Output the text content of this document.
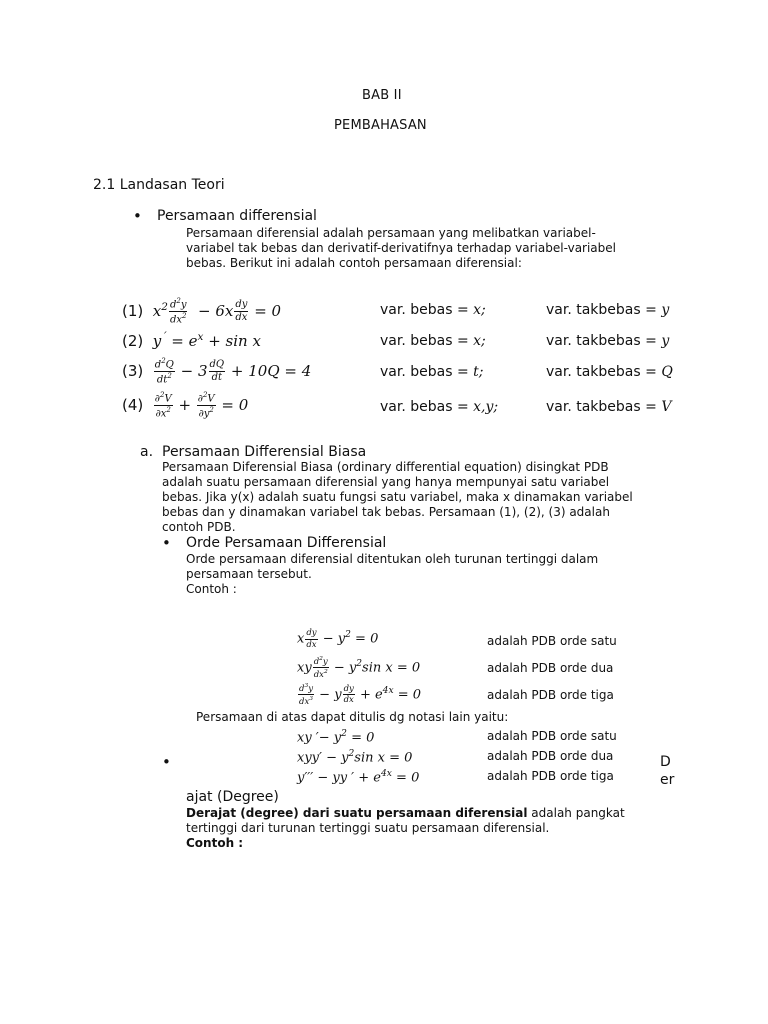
BAB II
PEMBAHASAN
2.1 Landasan Teori
• Persamaan differensial
Persamaan diferensial adalah persamaan yang melibatkan variabel-
variabel tak bebas dan derivatif-derivatifnya terhadap variabel-variabel
bebas. Berikut ini adalah contoh persamaan diferensial:
(1)  $x^2 \frac{d^2y}{dx^2} - 6x \frac{dy}{dx} = 0$	var. bebas = x;	var. takbebas = y
(2)  $y^´ = e^x + \sin x$	var. bebas = x;	var. takbebas = y
$(3) \frac{d^2Q}{dt^2} - 3 \frac{dQ}{dt} + 10Q = 4$	var. bebas = t;	var. takbebas = Q
$(4) \frac{\partial^2V}{\partial x^2} + \frac{\partial^2V}{\partial y^2} = 0$	var. bebas = x,y;	var. takbebas = V
a. Persamaan Differensial Biasa
Persamaan Diferensial Biasa (ordinary differential equation) disingkat PDB
adalah suatu persamaan diferensial yang hanya mempunyai satu variabel
bebas. Jika y(x) adalah suatu fungsi satu variabel, maka x dinamakan variabel
bebas dan y dinamakan variabel tak bebas. Persamaan (1), (2), (3) adalah
contoh PDB.
• Orde Persamaan Differensial
Orde persamaan diferensial ditentukan oleh turunan tertinggi dalam
persamaan tersebut.
Contoh :
x $\frac{dy}{dx} - y^2 = 0$	adalah PDB orde satu
xy $\frac{d^2y}{dx^2} - y^2\sin$ x = 0	adalah PDB orde dua
$\frac{d^3y}{dx^3} - y \frac{dy}{dx} + e^{4x} = 0$	adalah PDB orde tiga
Persamaan di atas dapat ditulis dg notasi lain yaitu:
xy ′− $y^2 = 0$	adalah PDB orde satu
$xyy' - y^2\sin$ x = 0	adalah PDB orde dua
y′′′ − yy ′ + $e^{4x} = 0$	adalah PDB orde tiga
•	D
er
ajat (Degree)
Derajat (degree) dari suatu persamaan diferensial adalah pangkat
tertinggi dari turunan tertinggi suatu persamaan diferensial.
Contoh :
